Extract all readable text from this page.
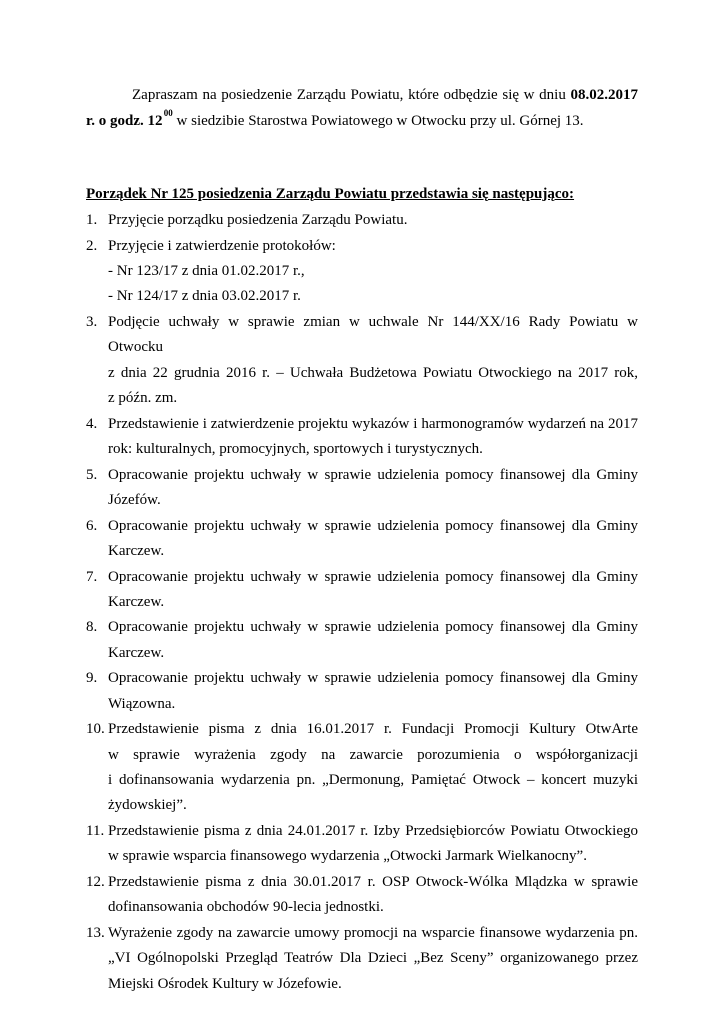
Zapraszam na posiedzenie Zarządu Powiatu, które odbędzie się w dniu 08.02.2017 r. o godz. 12 $^{00}$ w siedzibie Starostwa Powiatowego w Otwocku przy ul. Górnej 13.
Porządek Nr 125 posiedzenia Zarządu Powiatu przedstawia się następująco:
1. Przyjęcie porządku posiedzenia Zarządu Powiatu.
2. Przyjęcie i zatwierdzenie protokołów:
- Nr 123/17 z dnia 01.02.2017 r.,
- Nr 124/17 z dnia 03.02.2017 r.
3. Podjęcie uchwały w sprawie zmian w uchwale Nr 144/XX/16 Rady Powiatu w Otwocku
z dnia 22 grudnia 2016 r. – Uchwała Budżetowa Powiatu Otwockiego na 2017 rok,
z późn. zm.
4. Przedstawienie i zatwierdzenie projektu wykazów i harmonogramów wydarzeń na 2017
rok: kulturalnych, promocyjnych, sportowych i turystycznych.
5. Opracowanie projektu uchwały w sprawie udzielenia pomocy finansowej dla Gminy
Józefów.
6. Opracowanie projektu uchwały w sprawie udzielenia pomocy finansowej dla Gminy
Karczew.
7. Opracowanie projektu uchwały w sprawie udzielenia pomocy finansowej dla Gminy
Karczew.
8. Opracowanie projektu uchwały w sprawie udzielenia pomocy finansowej dla Gminy
Karczew.
9. Opracowanie projektu uchwały w sprawie udzielenia pomocy finansowej dla Gminy
Wiązowna.
10. Przedstawienie pisma z dnia 16.01.2017 r. Fundacji Promocji Kultury OtwArte
w sprawie wyrażenia zgody na zawarcie porozumienia o współorganizacji
i dofinansowania wydarzenia pn. „Dermonung, Pamiętać Otwock – koncert muzyki
żydowskiej”.
11. Przedstawienie pisma z dnia 24.01.2017 r. Izby Przedsiębiorców Powiatu Otwockiego
w sprawie wsparcia finansowego wydarzenia „Otwocki Jarmark Wielkanocny”.
12. Przedstawienie pisma z dnia 30.01.2017 r. OSP Otwock-Wólka Mlądzka w sprawie
dofinansowania obchodów 90-lecia jednostki.
13. Wyrażenie zgody na zawarcie umowy promocji na wsparcie finansowe wydarzenia pn.
„VI Ogólnopolski Przegląd Teatrów Dla Dzieci „Bez Sceny” organizowanego przez
Miejski Ośrodek Kultury w Józefowie.
